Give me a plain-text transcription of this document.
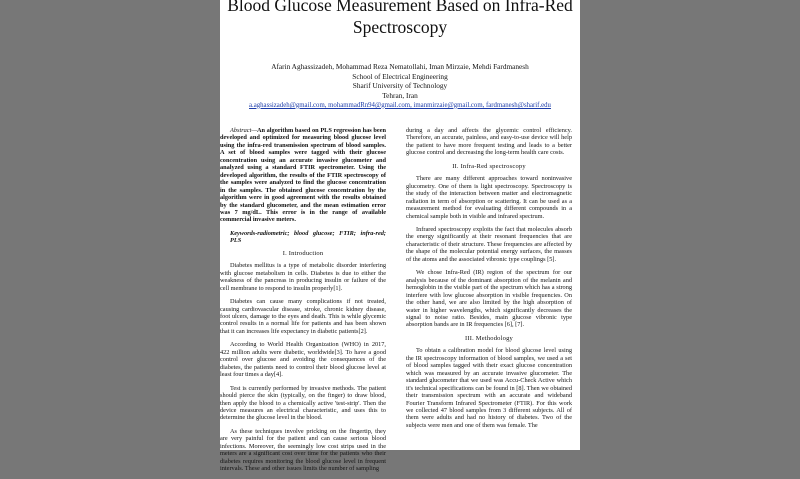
Blood Glucose Measurement Based on Infra-Red Spectroscopy
Afarin Aghassizadeh, Mohammad Reza Nematollahi, Iman Mirzaie, Mehdi Fardmanesh
School of Electrical Engineering
Sharif University of Technology
Tehran, Iran
a.aghassizadeh@gmail.com, mohammadRn94@gmail.com, imanmirzaie@gmail.com, fardmanesh@sharif.edu

Abstract—An algorithm based on PLS regression has been developed and optimized for measuring blood glucose level using the infra-red transmission spectrum of blood samples. A set of blood samples were tagged with their glucose concentration using an accurate invasive glucometer and analyzed using a standard FTIR spectrometer. Using the developed algorithm, the results of the FTIR spectroscopy of the samples were analyzed to find the glucose concentration in the samples. The obtained glucose concentration by the algorithm were in good agreement with the results obtained by the standard glucometer, and the mean estimation error was 7 mg/dL. This error is in the range of available commercial invasive meters.

Keywords-radiometric; blood glucose; FTIR; infra-red; PLS

I. Introduction

Diabetes mellitus is a type of metabolic disorder interfering with glucose metabolism in cells. Diabetes is due to either the weakness of the pancreas in producing insulin or failure of the cell membrane to respond to insulin properly[1].

Diabetes can cause many complications if not treated, causing cardiovascular disease, stroke, chronic kidney disease, foot ulcers, damage to the eyes and death. This is while glycemic control results in a normal life for patients and has been shown that it can increases life expectancy in diabetic patients[2].

According to World Health Organization (WHO) in 2017, 422 million adults were diabetic, worldwide[3]. To have a good control over glucose and avoiding the consequences of the diabetes, the patients need to control their blood glucose level at least four times a day[4].

Test is currently performed by invasive methods. The patient should pierce the skin (typically, on the finger) to draw blood, then apply the blood to a chemically active 'test-strip'. Then the device measures an electrical characteristic, and uses this to determine the glucose level in the blood.

As these techniques involve pricking on the fingertip, they are very painful for the patient and can cause serious blood infections. Moreover, the seemingly low cost strips used in the meters are a significant cost over time for the patients who their diabetes requires monitoring the blood glucose level in frequent intervals. These and other issues limits the number of sampling

during a day and affects the glycemic control efficiency. Therefore, an accurate, painless, and easy-to-use device will help the patient to have more frequent testing and leads to a better glucose control and decreasing the long-term health care costs.

II. Infra-Red spectroscopy

There are many different approaches toward noninvasive glucometry. One of them is light spectroscopy. Spectroscopy is the study of the interaction between matter and electromagnetic radiation in term of absorption or scattering. It can be used as a measurement method for evaluating different compounds in a chemical sample both in visible and infrared spectrum.

Infrared spectroscopy exploits the fact that molecules absorb the energy significantly at their resonant frequencies that are characteristic of their structure. These frequencies are affected by the shape of the molecular potential energy surfaces, the masses of the atoms and the associated vibronic type couplings [5].

We chose Infra-Red (IR) region of the spectrum for our analysis because of the dominant absorption of the melanin and hemoglobin in the visible part of the spectrum which has a strong interfere with low glucose absorption in visible frequencies. On the other hand, we are also limited by the high absorption of water in higher wavelengths, which significantly decreases the signal to noise ratio. Besides, main glucose vibronic type absorption bands are in IR frequencies [6], [7].

III. Methodology

To obtain a calibration model for blood glucose level using the IR spectroscopy information of blood samples, we used a set of blood samples tagged with their exact glucose concentration which was measured by an accurate invasive glucometer. The standard glucometer that we used was Accu-Check Active which it's technical specifications can be found in [8]. Then we obtained their transmission spectrum with an accurate and wideband Fourier Transform Infrared Spectrometer (FTIR). For this work we collected 47 blood samples from 3 different subjects. All of them were adults and had no history of diabetes. Two of the subjects were men and one of them was female. The
